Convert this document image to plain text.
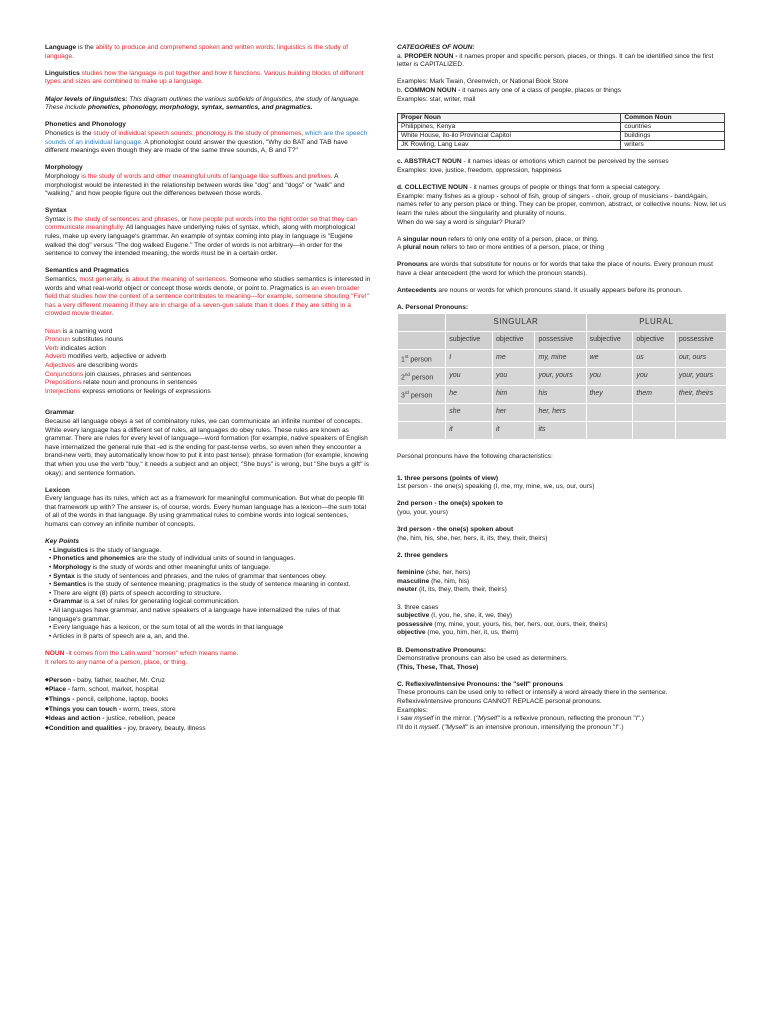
Language is the ability to produce and comprehend spoken and written words; linguistics is the study of language.

Linguistics studies how the language is put together and how it functions. Various building blocks of different types and sizes are combined to make up a language.

Major levels of linguistics: This diagram outlines the various subfields of linguistics, the study of language. These include phonetics, phonology, morphology, syntax, semantics, and pragmatics.

Phonetics and Phonology

Phonetics is the study of individual speech sounds; phonology is the study of phonemes, which are the speech sounds of an individual language. A phonologist could answer the question, "Why do BAT and TAB have different meanings even though they are made of the same three sounds, A, B and T?"

Morphology

Morphology is the study of words and other meaningful units of language like suffixes and prefixes. A morphologist would be interested in the relationship between words like "dog" and "dogs" or "walk" and "walking," and how people figure out the differences between those words.

Syntax

Syntax is the study of sentences and phrases, or how people put words into the right order so that they can communicate meaningfully. All languages have underlying rules of syntax, which, along with morphological rules, make up every language's grammar. An example of syntax coming into play in language is "Eugene walked the dog" versus "The dog walked Eugene." The order of words is not arbitrary—in order for the sentence to convey the intended meaning, the words must be in a certain order.

Semantics and Pragmatics

Semantics, most generally, is about the meaning of sentences. Someone who studies semantics is interested in words and what real-world object or concept those words denote, or point to. Pragmatics is an even broader field that studies how the context of a sentence contributes to meaning—for example, someone shouting "Fire!" has a very different meaning if they are in charge of a seven-gun salute than it does if they are sitting in a crowded movie theater.

Noun is a naming word

Pronoun substitutes nouns

Verb indicates action

Adverb modifies verb, adjective or adverb

Adjectives are describing words

Conjunctions join clauses, phrases and sentences

Prepositions relate noun and pronouns in sentences

Interjections express emotions or feelings of expressions

Grammar

Because all language obeys a set of combinatory rules, we can communicate an infinite number of concepts. While every language has a different set of rules, all languages do obey rules. These rules are known as grammar. There are rules for every level of language—word formation (for example, native speakers of English have internalized the general rule that -ed is the ending for past-tense verbs, so even when they encounter a brand-new verb, they automatically know how to put it into past tense); phrase formation (for example, knowing that when you use the verb "buy," it needs a subject and an object; "She buys" is wrong, but "She buys a gift" is okay); and sentence formation.

Lexicon

Every language has its rules, which act as a framework for meaningful communication. But what do people fill that framework up with? The answer is, of course, words. Every human language has a lexicon—the sum total of all of the words in that language. By using grammatical rules to combine words into logical sentences, humans can convey an infinite number of concepts.

Key Points

• Linguistics is the study of language.
• Phonetics and phonemics are the study of individual units of sound in languages.
• Morphology is the study of words and other meaningful units of language.
• Syntax is the study of sentences and phrases, and the rules of grammar that sentences obey.
• Semantics is the study of sentence meaning; pragmatics is the study of sentence meaning in context.
• There are eight (8) parts of speech according to structure.
• Grammar is a set of rules for generating logical communication.
• All languages have grammar, and native speakers of a language have internalized the rules of that language's grammar.
• Every language has a lexicon, or the sum total of all the words in that language
• Articles in 8 parts of speech are a, an, and the.

NOUN -it comes from the Latin word "nomen" which means name.

It refers to any name of a person, place, or thing.

◆ Person - baby, father, teacher, Mr. Cruz
◆ Place - farm, school, market, hospital
◆ Things - pencil, cellphone, laptop, books
◆ Things you can touch - worm, trees, store
◆ Ideas and action - justice, rebellion, peace
◆ Condition and qualities - joy, bravery, beauty, illness

CATEGORIES OF NOUN:

a. PROPER NOUN - it names proper and specific person, places, or things. It can be identified since the first letter is CAPITALIZED.

Examples: Mark Twain, Greenwich, or National Book Store

b. COMMON NOUN - it names any one of a class of people, places or things

Examples: star, writer, mall

Proper Noun	Common Noun
Philippines, Kenya	countries
White House, Ilo-ilo Provincial Capitol	buildings
JK Rowling, Lang Leav	writers

c. ABSTRACT NOUN - it names ideas or emotions which cannot be perceived by the senses

Examples: love, justice, freedom, oppression, happiness

d. COLLECTIVE NOUN - it names groups of people or things that form a special category.

Example: many fishes as a group - school of fish, group of singers - choir, group of musicians - bandAgain, names refer to any person place or thing. They can be proper, common, abstract, or collective nouns. Now, let us learn the rules about the singularity and plurality of nouns.

When do we say a word is singular? Plural?

A singular noun refers to only one entity of a person, place, or thing.

A plural noun refers to two or more entities of a person, place, or thing

Pronouns are words that substitute for nouns or for words that take the place of nouns. Every pronoun must have a clear antecedent (the word for which the pronoun stands).

Antecedents are nouns or words for which pronouns stand. It usually appears before its pronoun.

A. Personal Pronouns:

	SINGULAR			PLURAL		
	subjective	objective	possessive	subjective	objective	possessive
1st person	I	me	my, mine	we	us	our, ours
2nd person	you	you	your, yours	you	you	your, yours
3rd person	he	him	his	they	them	their, theirs
	she	her	her, hers			
	it	it	its			

Personal pronouns have the following characteristics:

1. three persons (points of view)

1st person - the one(s) speaking (I, me, my, mine, we, us, our, ours)

2nd person - the one(s) spoken to

(you, your, yours)

3rd person - the one(s) spoken about

(he, him, his, she, her, hers, it, its, they, their, theirs)

2. three genders

feminine (she, her, hers)

masculine (he, him, his)

neuter (it, its, they, them, their, theirs)

3. three cases

subjective (I, you, he, she, it, we, they)

possessive (my, mine, your, yours, his, her, hers, our, ours, their, theirs)

objective (me, you, him, her, it, us, them)

B. Demonstrative Pronouns:

Demonstrative pronouns can also be used as determiners.

(This, These, That, Those)

C. Reflexive/Intensive Pronouns: the "self" pronouns

These pronouns can be used only to reflect or intensify a word already there in the sentence.

Reflexive/intensive pronouns CANNOT REPLACE personal pronouns.

Examples:

I saw myself in the mirror. ("Myself" is a reflexive pronoun, reflecting the pronoun "I".)

I'll do it myself. ("Myself" is an intensive pronoun, intensifying the pronoun "I".)
